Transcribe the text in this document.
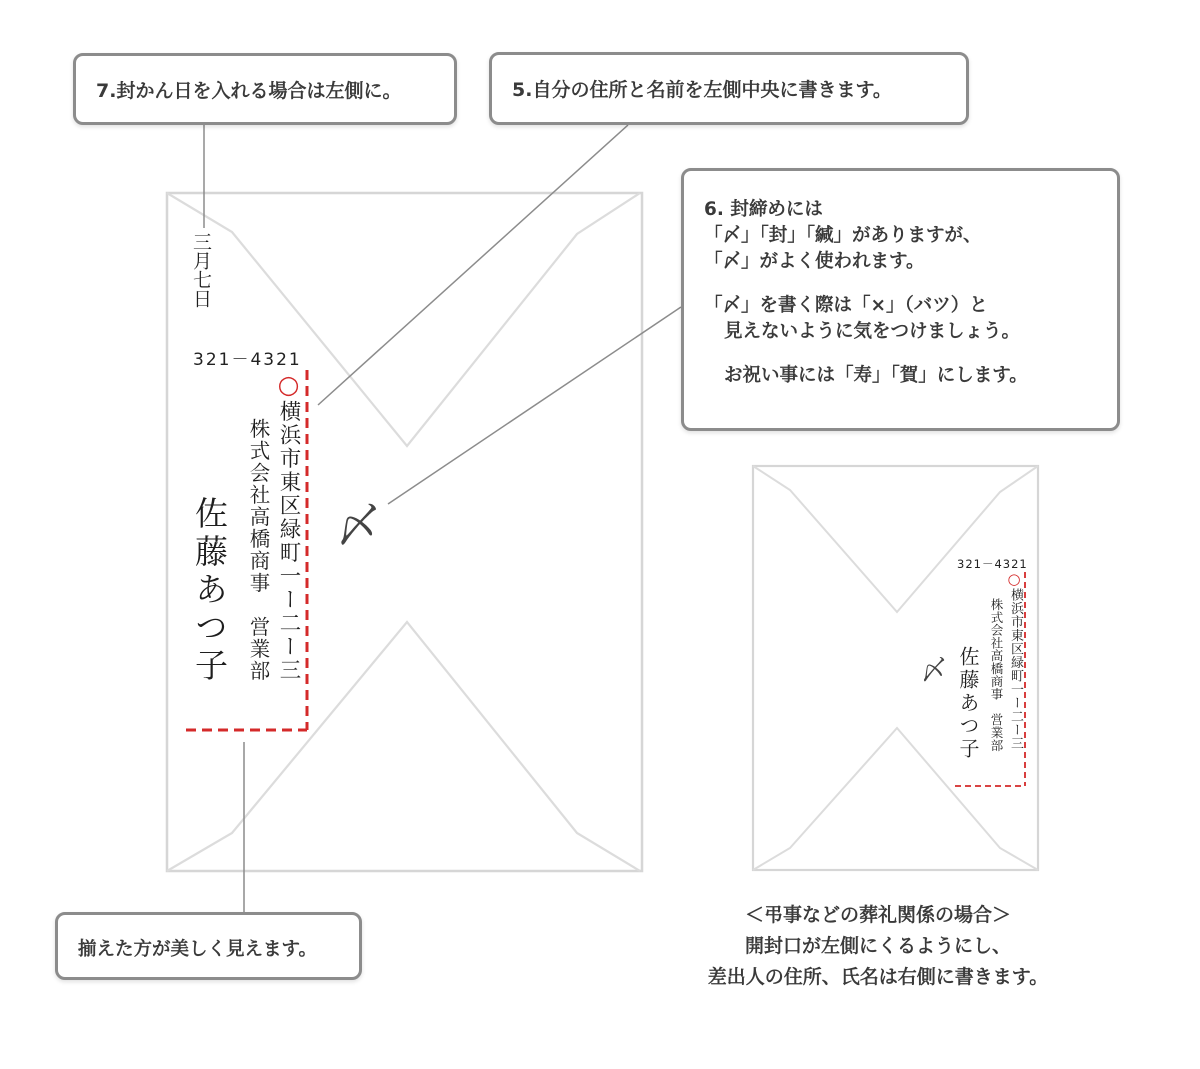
7.封かん日を入れる場合は左側に。	5.自分の住所と名前を左側中央に書きます。
6. 封締めには
「〆」「封」「緘」がありますが、
「〆」がよく使われます。
「〆」を書く際は「×」（バツ）と
見えないように気をつけましょう。
お祝い事には「寿」「賀」にします。
揃えた方が美しく見えます。
三月七日
321－4321
○
横浜市東区緑町一ー二ー三
株式会社高橋商事　営業部
佐藤あつ子 〆
321－4321
○
横浜市東区緑町一ー二ー三
株式会社高橋商事　営業部
佐藤あつ子
〆
＜弔事などの葬礼関係の場合＞
開封口が左側にくるようにし、
差出人の住所、氏名は右側に書きます。
